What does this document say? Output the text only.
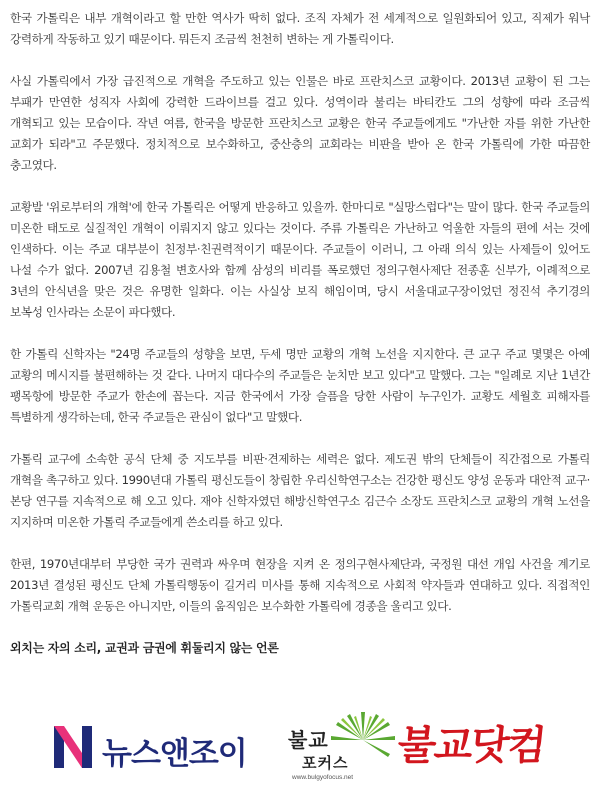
한국 가톨릭은 내부 개혁이라고 할 만한 역사가 딱히 없다. 조직 자체가 전 세계적으로 일원화되어 있고, 직제가 워낙 강력하게 작동하고 있기 때문이다. 뭐든지 조금씩 천천히 변하는 게 가톨릭이다.

사실 가톨릭에서 가장 급진적으로 개혁을 주도하고 있는 인물은 바로 프란치스코 교황이다. 2013년 교황이 된 그는 부패가 만연한 성직자 사회에 강력한 드라이브를 걸고 있다. 성역이라 불리는 바티칸도 그의 성향에 따라 조금씩 개혁되고 있는 모습이다. 작년 여름, 한국을 방문한 프란치스코 교황은 한국 주교들에게도 "가난한 자를 위한 가난한 교회가 되라"고 주문했다. 정치적으로 보수화하고, 중산층의 교회라는 비판을 받아 온 한국 가톨릭에 가한 따끔한 충고였다.

교황발 '위로부터의 개혁'에 한국 가톨릭은 어떻게 반응하고 있을까. 한마디로 "실망스럽다"는 말이 많다. 한국 주교들의 미온한 태도로 실질적인 개혁이 이뤄지지 않고 있다는 것이다. 주류 가톨릭은 가난하고 억울한 자들의 편에 서는 것에 인색하다. 이는 주교 대부분이 친정부·친권력적이기 때문이다. 주교들이 이러니, 그 아래 의식 있는 사제들이 있어도 나설 수가 없다. 2007년 김용철 변호사와 함께 삼성의 비리를 폭로했던 정의구현사제단 전종훈 신부가, 이례적으로 3년의 안식년을 맞은 것은 유명한 일화다. 이는 사실상 보직 해임이며, 당시 서울대교구장이었던 정진석 추기경의 보복성 인사라는 소문이 파다했다.

한 가톨릭 신학자는 "24명 주교들의 성향을 보면, 두세 명만 교황의 개혁 노선을 지지한다. 큰 교구 주교 몇몇은 아예 교황의 메시지를 불편해하는 것 같다. 나머지 대다수의 주교들은 눈치만 보고 있다"고 말했다. 그는 "일례로 지난 1년간 팽목항에 방문한 주교가 한손에 꼽는다. 지금 한국에서 가장 슬픔을 당한 사람이 누구인가. 교황도 세월호 피해자를 특별하게 생각하는데, 한국 주교들은 관심이 없다"고 말했다.

가톨릭 교구에 소속한 공식 단체 중 지도부를 비판·견제하는 세력은 없다. 제도권 밖의 단체들이 직간접으로 가톨릭 개혁을 촉구하고 있다. 1990년대 가톨릭 평신도들이 창립한 우리신학연구소는 건강한 평신도 양성 운동과 대안적 교구·본당 연구를 지속적으로 해 오고 있다. 재야 신학자였던 해방신학연구소 김근수 소장도 프란치스코 교황의 개혁 노선을 지지하며 미온한 가톨릭 주교들에게 쓴소리를 하고 있다.

한편, 1970년대부터 부당한 국가 권력과 싸우며 현장을 지켜 온 정의구현사제단과, 국정원 대선 개입 사건을 계기로 2013년 결성된 평신도 단체 가톨릭행동이 길거리 미사를 통해 지속적으로 사회적 약자들과 연대하고 있다. 직접적인 가톨릭교회 개혁 운동은 아니지만, 이들의 움직임은 보수화한 가톨릭에 경종을 울리고 있다.

외치는 자의 소리, 교권과 금권에 휘둘리지 않는 언론

뉴스앤조이 불교
포커스
www.bulgyofocus.net
불교닷컴
